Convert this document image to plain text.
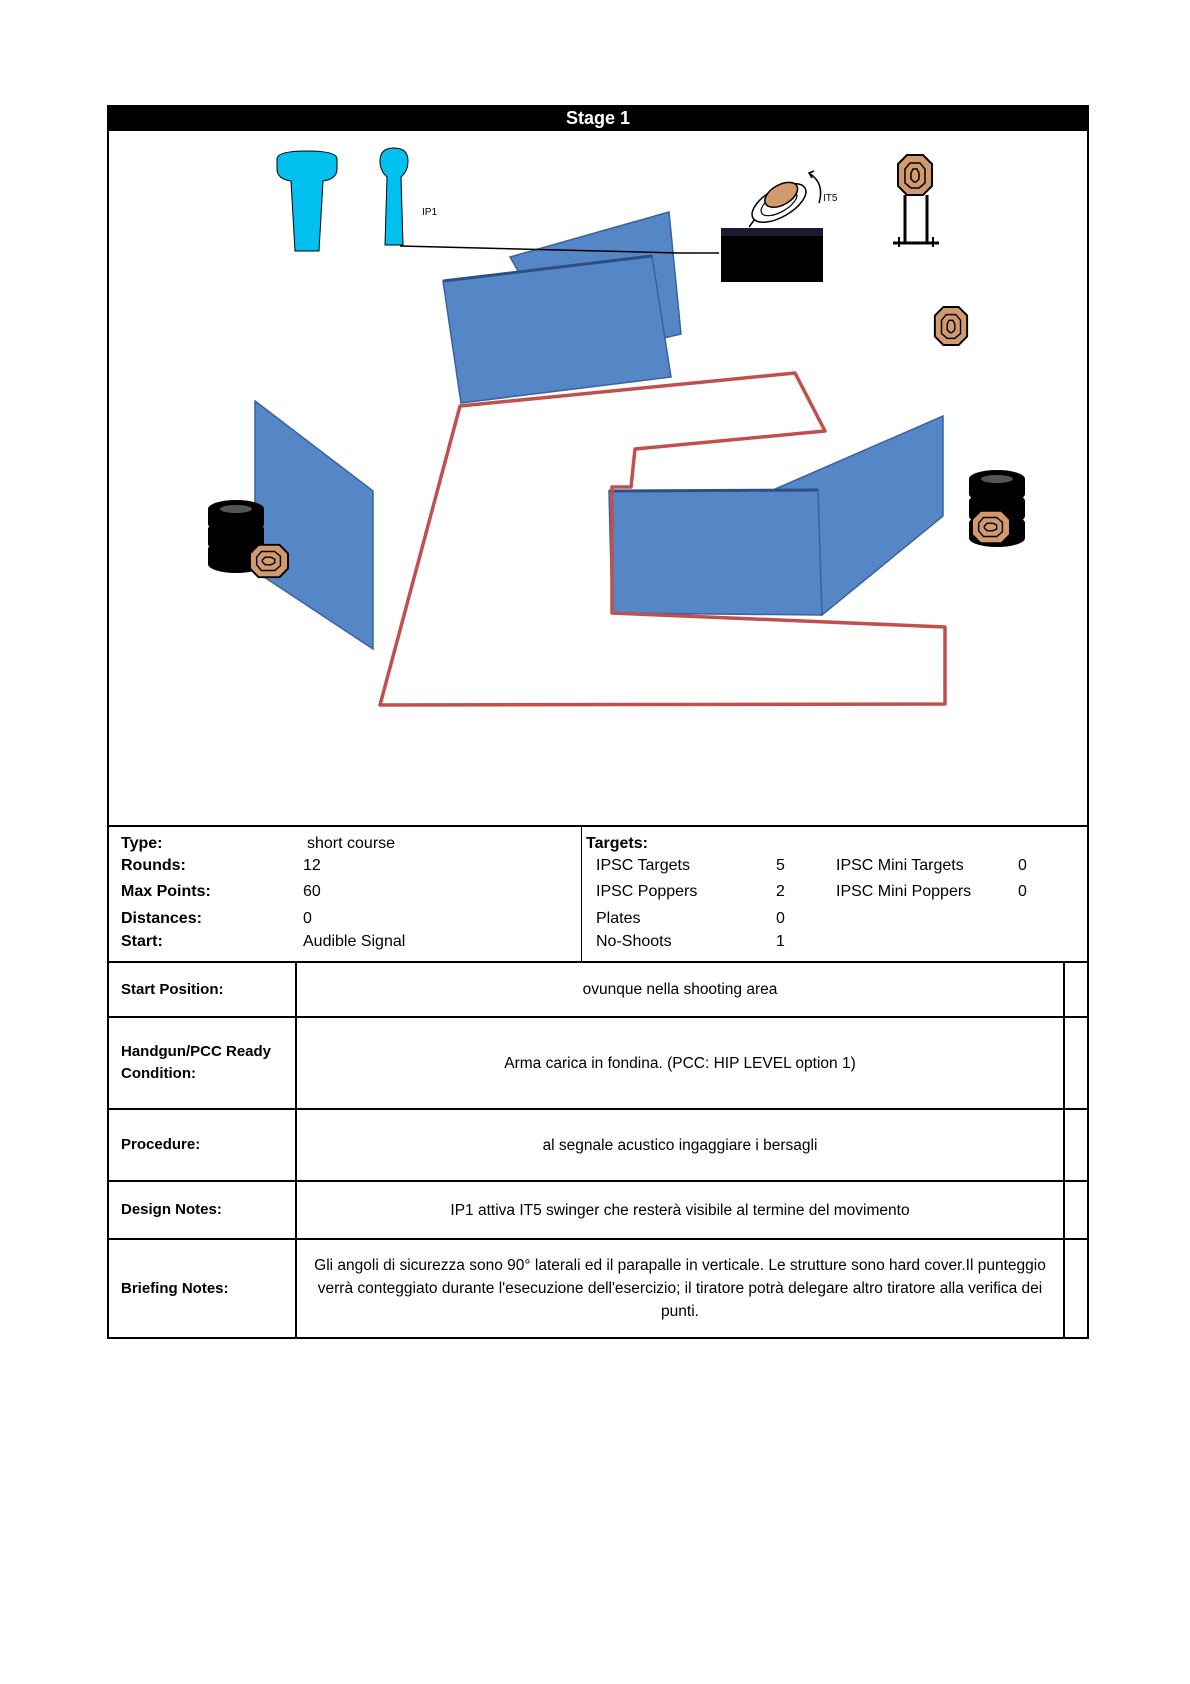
Stage 1
IP1
IT5
Type:	short course
Rounds:	12
Max Points:	60
Distances:	0
Start:	Audible Signal
Targets:
IPSC Targets	5
IPSC Poppers	2
Plates	0
No-Shoots	1
IPSC Mini Targets	0
IPSC Mini Poppers	0
Start Position:	ovunque nella shooting area
Handgun/PCC Ready Condition:
Arma carica in fondina. (PCC: HIP LEVEL option 1)
Procedure:	al segnale acustico ingaggiare i bersagli
Design Notes:	IP1 attiva IT5 swinger che resterà visibile al termine del movimento
Briefing Notes:
Gli angoli di sicurezza sono 90° laterali ed il parapalle in verticale. Le strutture sono hard cover.Il punteggio verrà conteggiato durante l'esecuzione dell'esercizio; il tiratore potrà delegare altro tiratore alla verifica dei punti.
